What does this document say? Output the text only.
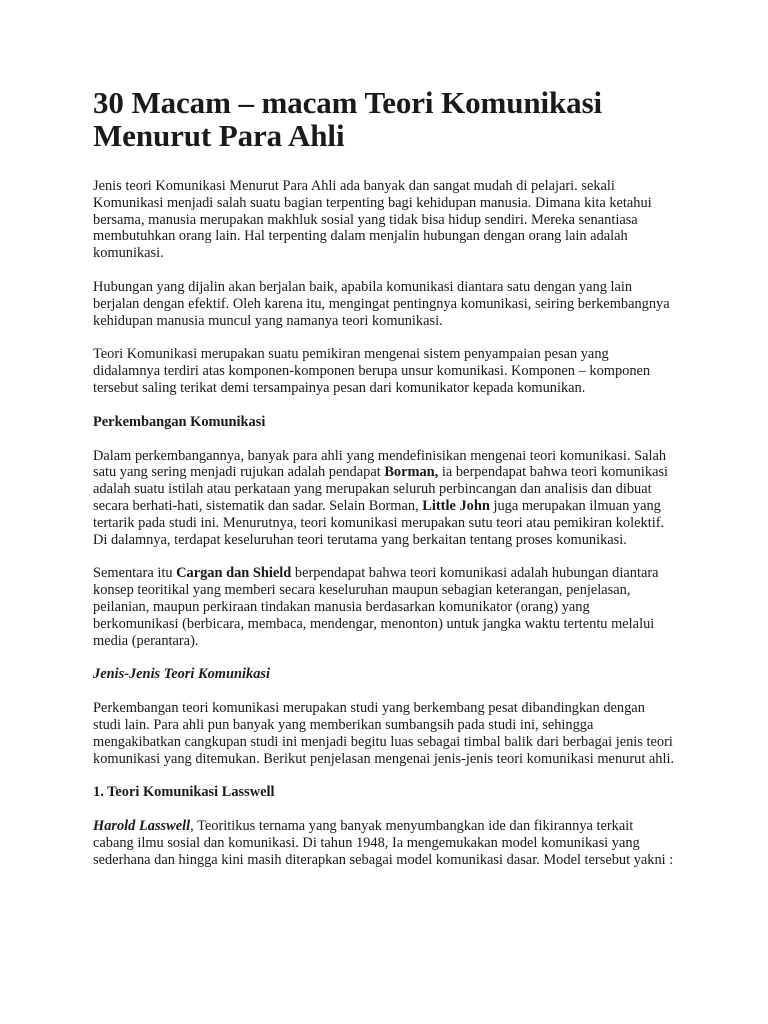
30 Macam – macam Teori Komunikasi Menurut Para Ahli

Jenis teori Komunikasi Menurut Para Ahli ada banyak dan sangat mudah di pelajari. sekali Komunikasi menjadi salah suatu bagian terpenting bagi kehidupan manusia. Dimana kita ketahui bersama, manusia merupakan makhluk sosial yang tidak bisa hidup sendiri. Mereka senantiasa membutuhkan orang lain. Hal terpenting dalam menjalin hubungan dengan orang lain adalah komunikasi.

Hubungan yang dijalin akan berjalan baik, apabila komunikasi diantara satu dengan yang lain berjalan dengan efektif. Oleh karena itu, mengingat pentingnya komunikasi, seiring berkembangnya kehidupan manusia muncul yang namanya teori komunikasi.

Teori Komunikasi merupakan suatu pemikiran mengenai sistem penyampaian pesan yang didalamnya terdiri atas komponen-komponen berupa unsur komunikasi. Komponen – komponen tersebut saling terikat demi tersampainya pesan dari komunikator kepada komunikan.

Perkembangan Komunikasi

Dalam perkembangannya, banyak para ahli yang mendefinisikan mengenai teori komunikasi. Salah satu yang sering menjadi rujukan adalah pendapat Borman, ia berpendapat bahwa teori komunikasi adalah suatu istilah atau perkataan yang merupakan seluruh perbincangan dan analisis dan dibuat secara berhati-hati, sistematik dan sadar. Selain Borman, Little John juga merupakan ilmuan yang tertarik pada studi ini. Menurutnya, teori komunikasi merupakan sutu teori atau pemikiran kolektif. Di dalamnya, terdapat keseluruhan teori terutama yang berkaitan tentang proses komunikasi.

Sementara itu Cargan dan Shield berpendapat bahwa teori komunikasi adalah hubungan diantara konsep teoritikal yang memberi secara keseluruhan maupun sebagian keterangan, penjelasan, peilanian, maupun perkiraan tindakan manusia berdasarkan komunikator (orang) yang berkomunikasi (berbicara, membaca, mendengar, menonton) untuk jangka waktu tertentu melalui media (perantara).

Jenis-Jenis Teori Komunikasi

Perkembangan teori komunikasi merupakan studi yang berkembang pesat dibandingkan dengan studi lain. Para ahli pun banyak yang memberikan sumbangsih pada studi ini, sehingga mengakibatkan cangkupan studi ini menjadi begitu luas sebagai timbal balik dari berbagai jenis teori komunikasi yang ditemukan. Berikut penjelasan mengenai jenis-jenis teori komunikasi menurut ahli.

1. Teori Komunikasi Lasswell

Harold Lasswell, Teoritikus ternama yang banyak menyumbangkan ide dan fikirannya terkait cabang ilmu sosial dan komunikasi. Di tahun 1948, Ia mengemukakan model komunikasi yang sederhana dan hingga kini masih diterapkan sebagai model komunikasi dasar. Model tersebut yakni :
